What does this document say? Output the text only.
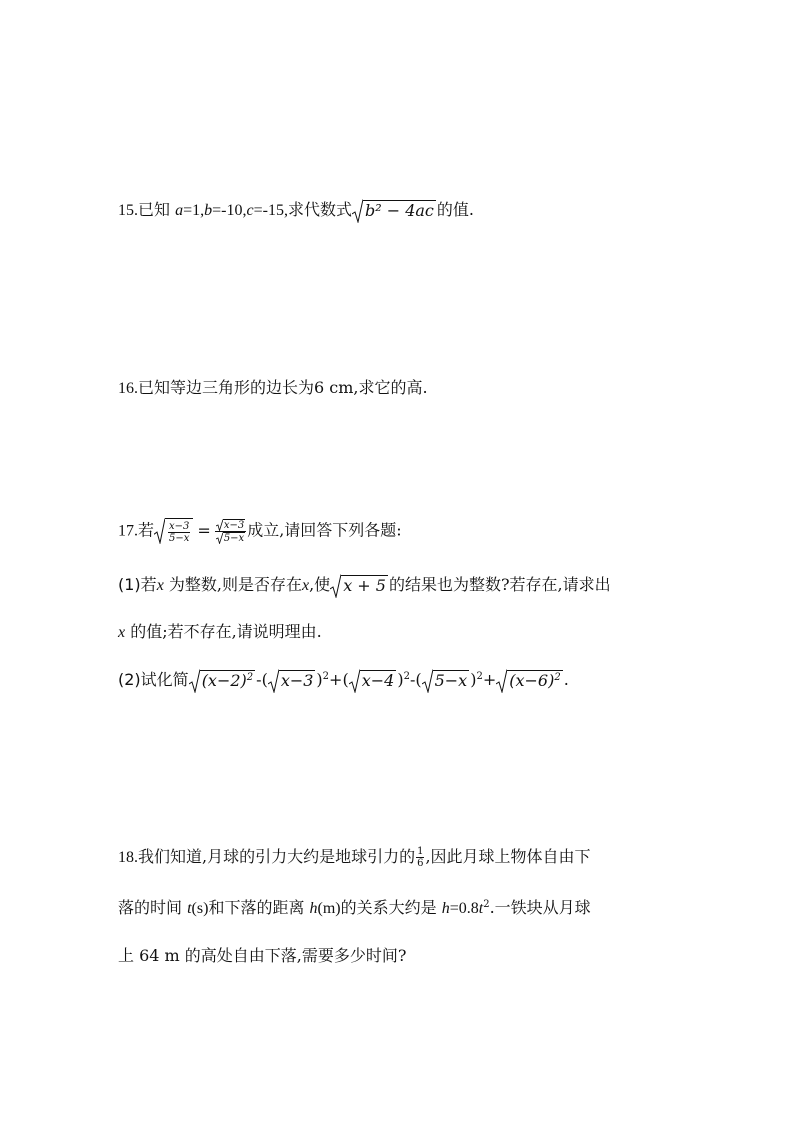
15.已知 a=1,b=-10,c=-15,求代数式 b² − 4ac 的值.
16.已知等边三角形的边长为6 cm,求它的高.
17.若 $\frac{x-3}{5-x} = \frac{x-3}{5-x}$ 成立,请回答下列各题:
(1)若x 为整数,则是否存在x,使 x + 5 的结果也为整数?若存在,请求出
x 的值;若不存在,请说明理由.
(2)试化简 $(x-2)^2$ -( x−3 )$^2$+( x−4 )$^2$-( 5−x )$^2+ (x-6)^2$ .
18.我们知道,月球的引力大约是地球引力的 $\frac{1}{6}$ ,因此月球上物体自由下
落的时间 t(s)和下落的距离 h(m)的关系大约是 $h=0.8t^2$.一铁块从月球
上 64 m 的高处自由下落,需要多少时间?
